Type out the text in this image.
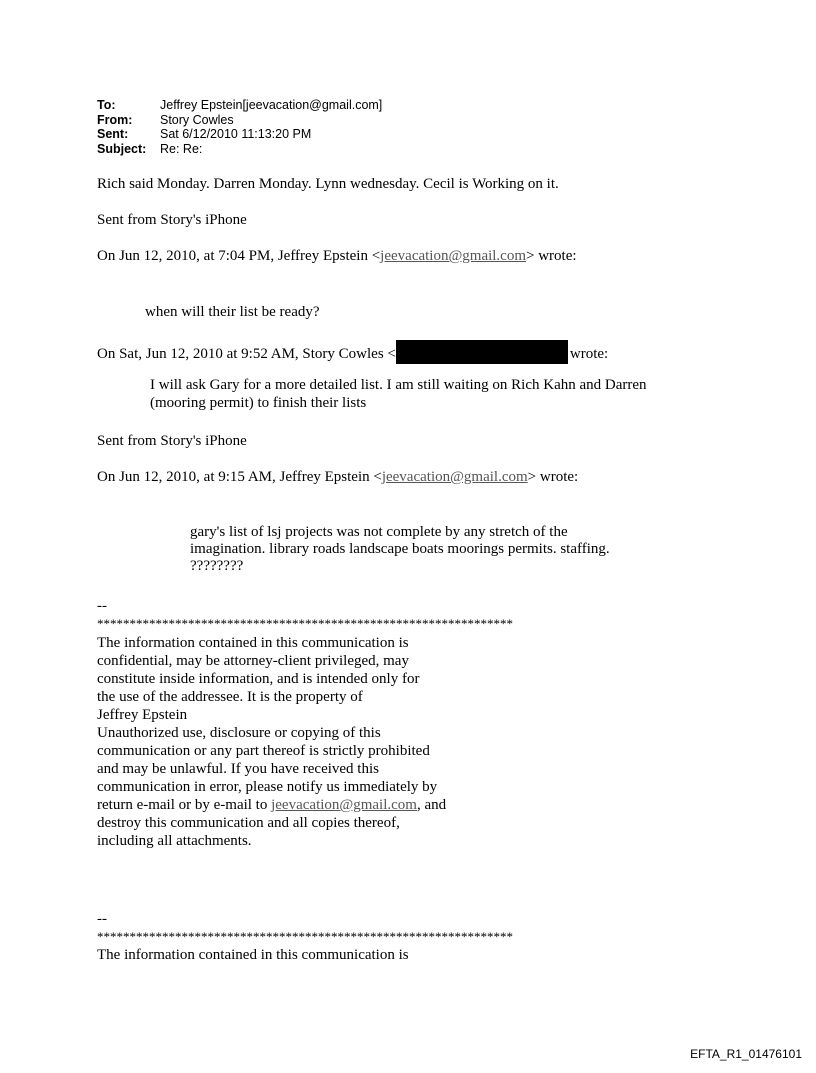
To:	Jeffrey Epstein[jeevacation@gmail.com]
From:	Story Cowles
Sent:	Sat 6/12/2010 11:13:20 PM
Subject:	Re: Re:
Rich said Monday. Darren Monday. Lynn wednesday. Cecil is Working on it.
Sent from Story's iPhone
On Jun 12, 2010, at 7:04 PM, Jeffrey Epstein <jeevacation@gmail.com> wrote:
when will their list be ready?
On Sat, Jun 12, 2010 at 9:52 AM, Story Cowles <	wrote:
I will ask Gary for a more detailed list. I am still waiting on Rich Kahn and Darren (mooring permit) to finish their lists
Sent from Story's iPhone
On Jun 12, 2010, at 9:15 AM, Jeffrey Epstein <jeevacation@gmail.com> wrote:
gary's list of lsj projects was not complete by any stretch of the imagination. library roads landscape boats moorings permits. staffing. ????????
--
****************************************************************
The information contained in this communication is
confidential, may be attorney-client privileged, may
constitute inside information, and is intended only for
the use of the addressee. It is the property of
Jeffrey Epstein
Unauthorized use, disclosure or copying of this
communication or any part thereof is strictly prohibited
and may be unlawful. If you have received this
communication in error, please notify us immediately by
return e-mail or by e-mail to jeevacation@gmail.com, and
destroy this communication and all copies thereof,
including all attachments.
--
****************************************************************
The information contained in this communication is
EFTA_R1_01476101
